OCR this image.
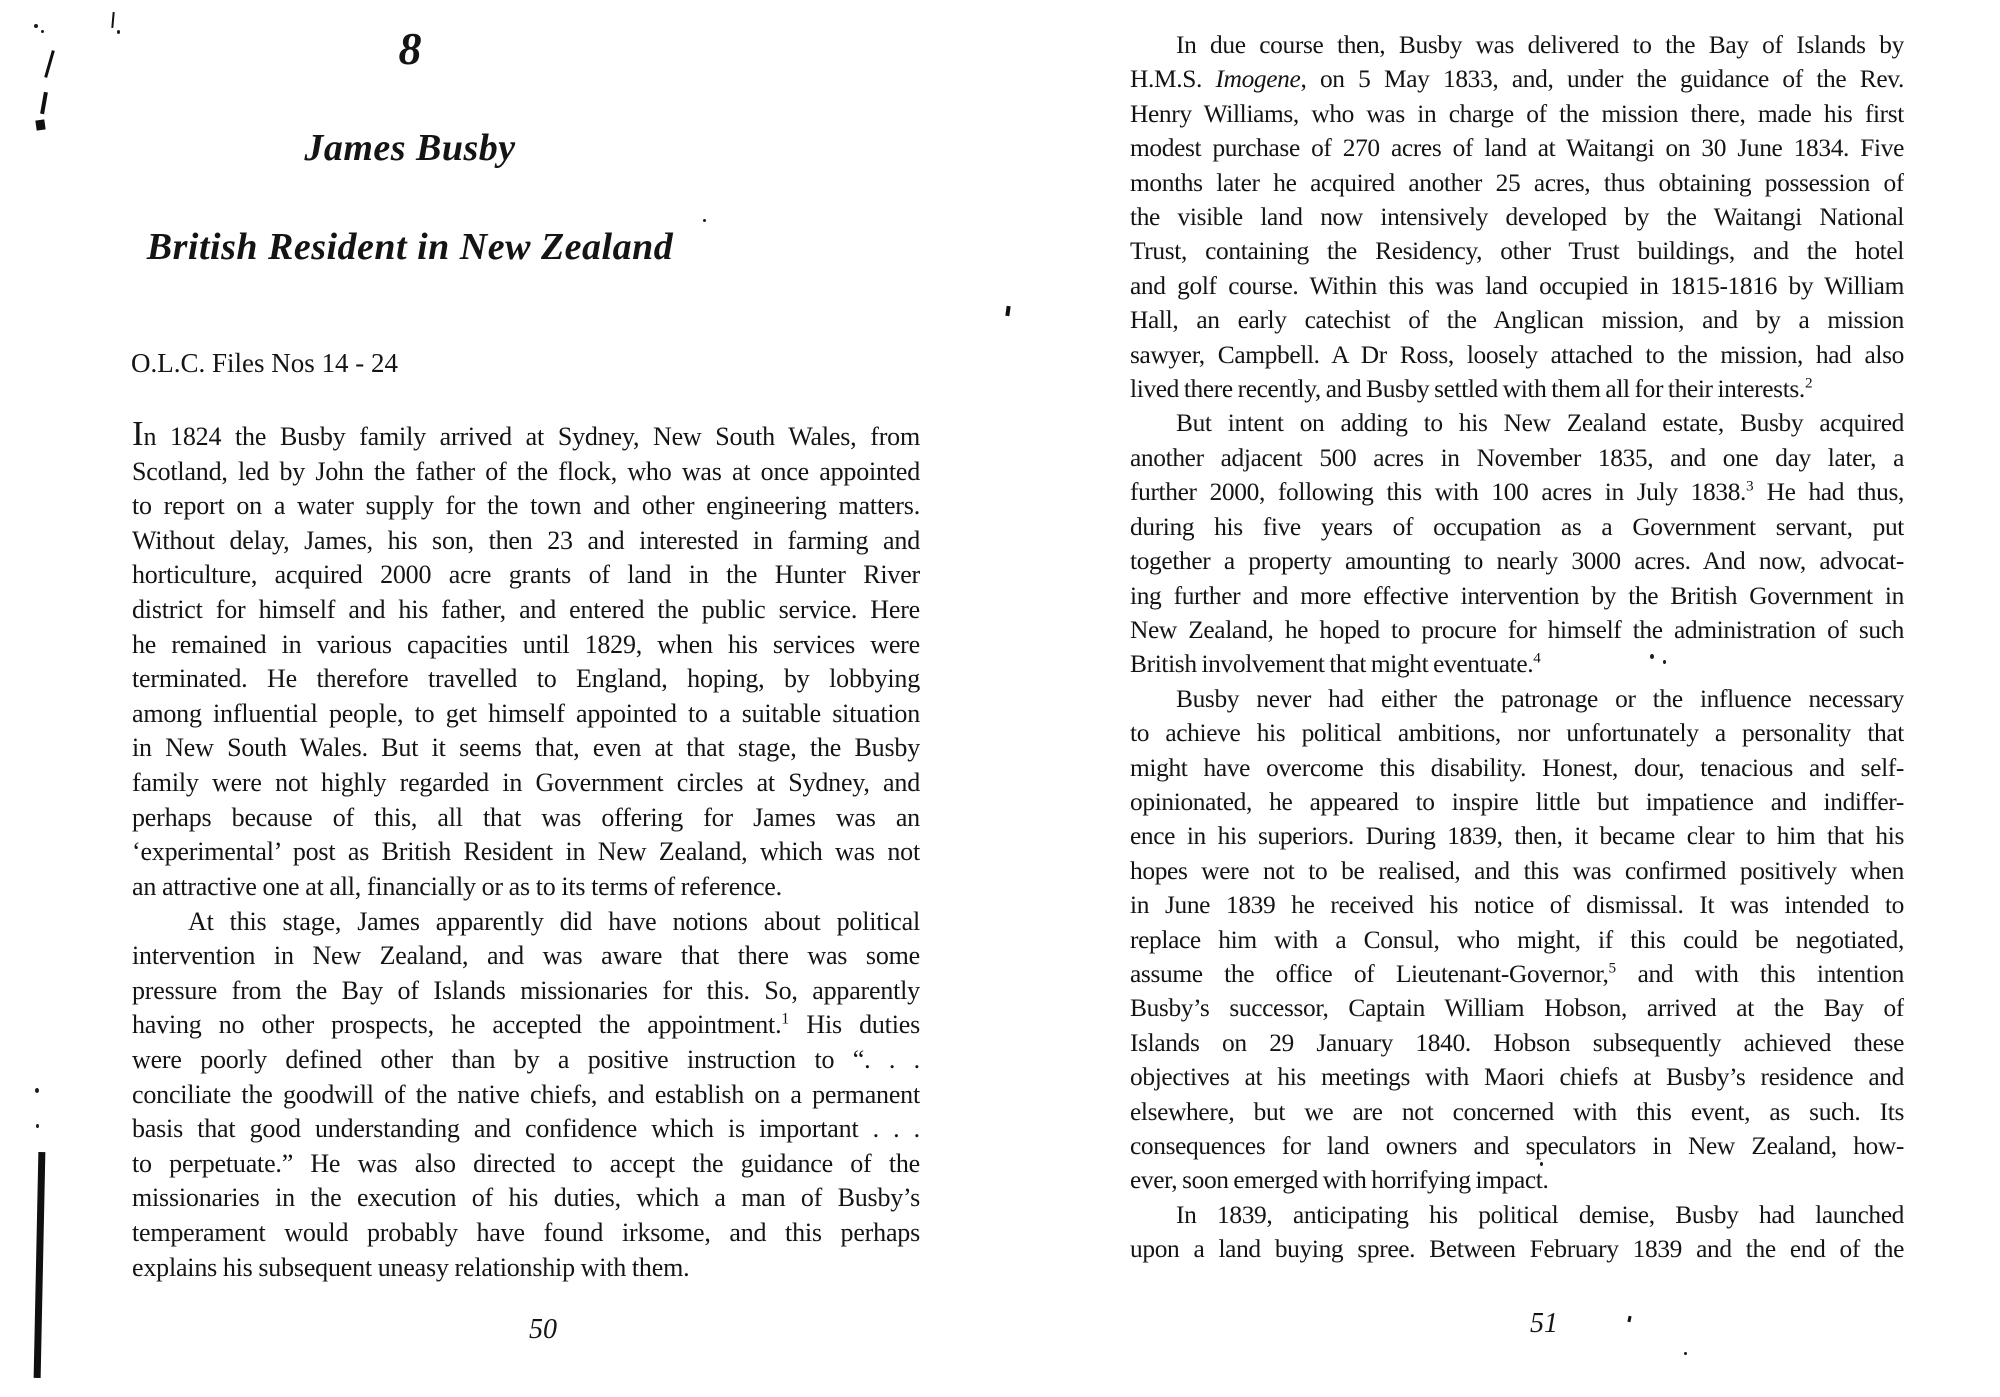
8
James Busby
British Resident in New Zealand
O.L.C. Files Nos 14 - 24
In 1824 the Busby family arrived at Sydney, New South Wales, from
Scotland, led by John the father of the flock, who was at once appointed
to report on a water supply for the town and other engineering matters.
Without delay, James, his son, then 23 and interested in farming and
horticulture, acquired 2000 acre grants of land in the Hunter River
district for himself and his father, and entered the public service. Here
he remained in various capacities until 1829, when his services were
terminated. He therefore travelled to England, hoping, by lobbying
among influential people, to get himself appointed to a suitable situation
in New South Wales. But it seems that, even at that stage, the Busby
family were not highly regarded in Government circles at Sydney, and
perhaps because of this, all that was offering for James was an
‘experimental’ post as British Resident in New Zealand, which was not
an attractive one at all, financially or as to its terms of reference.
At this stage, James apparently did have notions about political
intervention in New Zealand, and was aware that there was some
pressure from the Bay of Islands missionaries for this. So, apparently
having no other prospects, he accepted the appointment.$^1$ His duties
were poorly defined other than by a positive instruction to “. . .
conciliate the goodwill of the native chiefs, and establish on a permanent
basis that good understanding and confidence which is important . . .
to perpetuate.” He was also directed to accept the guidance of the
missionaries in the execution of his duties, which a man of Busby’s
temperament would probably have found irksome, and this perhaps
explains his subsequent uneasy relationship with them.
50
In due course then, Busby was delivered to the Bay of Islands by
H.M.S. Imogene, on 5 May 1833, and, under the guidance of the Rev.
Henry Williams, who was in charge of the mission there, made his first
modest purchase of 270 acres of land at Waitangi on 30 June 1834. Five
months later he acquired another 25 acres, thus obtaining possession of
the visible land now intensively developed by the Waitangi National
Trust, containing the Residency, other Trust buildings, and the hotel
and golf course. Within this was land occupied in 1815-1816 by William
Hall, an early catechist of the Anglican mission, and by a mission
sawyer, Campbell. A Dr Ross, loosely attached to the mission, had also
lived there recently, and Busby settled with them all for their interests.$^2$
But intent on adding to his New Zealand estate, Busby acquired
another adjacent 500 acres in November 1835, and one day later, a
further 2000, following this with 100 acres in July 1838.$^3$ He had thus,
during his five years of occupation as a Government servant, put
together a property amounting to nearly 3000 acres. And now, advocat-
ing further and more effective intervention by the British Government in
New Zealand, he hoped to procure for himself the administration of such
British involvement that might eventuate.$^4$
Busby never had either the patronage or the influence necessary
to achieve his political ambitions, nor unfortunately a personality that
might have overcome this disability. Honest, dour, tenacious and self-
opinionated, he appeared to inspire little but impatience and indiffer-
ence in his superiors. During 1839, then, it became clear to him that his
hopes were not to be realised, and this was confirmed positively when
in June 1839 he received his notice of dismissal. It was intended to
replace him with a Consul, who might, if this could be negotiated,
assume the office of Lieutenant-Governor,$^5$ and with this intention
Busby’s successor, Captain William Hobson, arrived at the Bay of
Islands on 29 January 1840. Hobson subsequently achieved these
objectives at his meetings with Maori chiefs at Busby’s residence and
elsewhere, but we are not concerned with this event, as such. Its
consequences for land owners and speculators in New Zealand, how-
ever, soon emerged with horrifying impact.
In 1839, anticipating his political demise, Busby had launched
upon a land buying spree. Between February 1839 and the end of the
51
